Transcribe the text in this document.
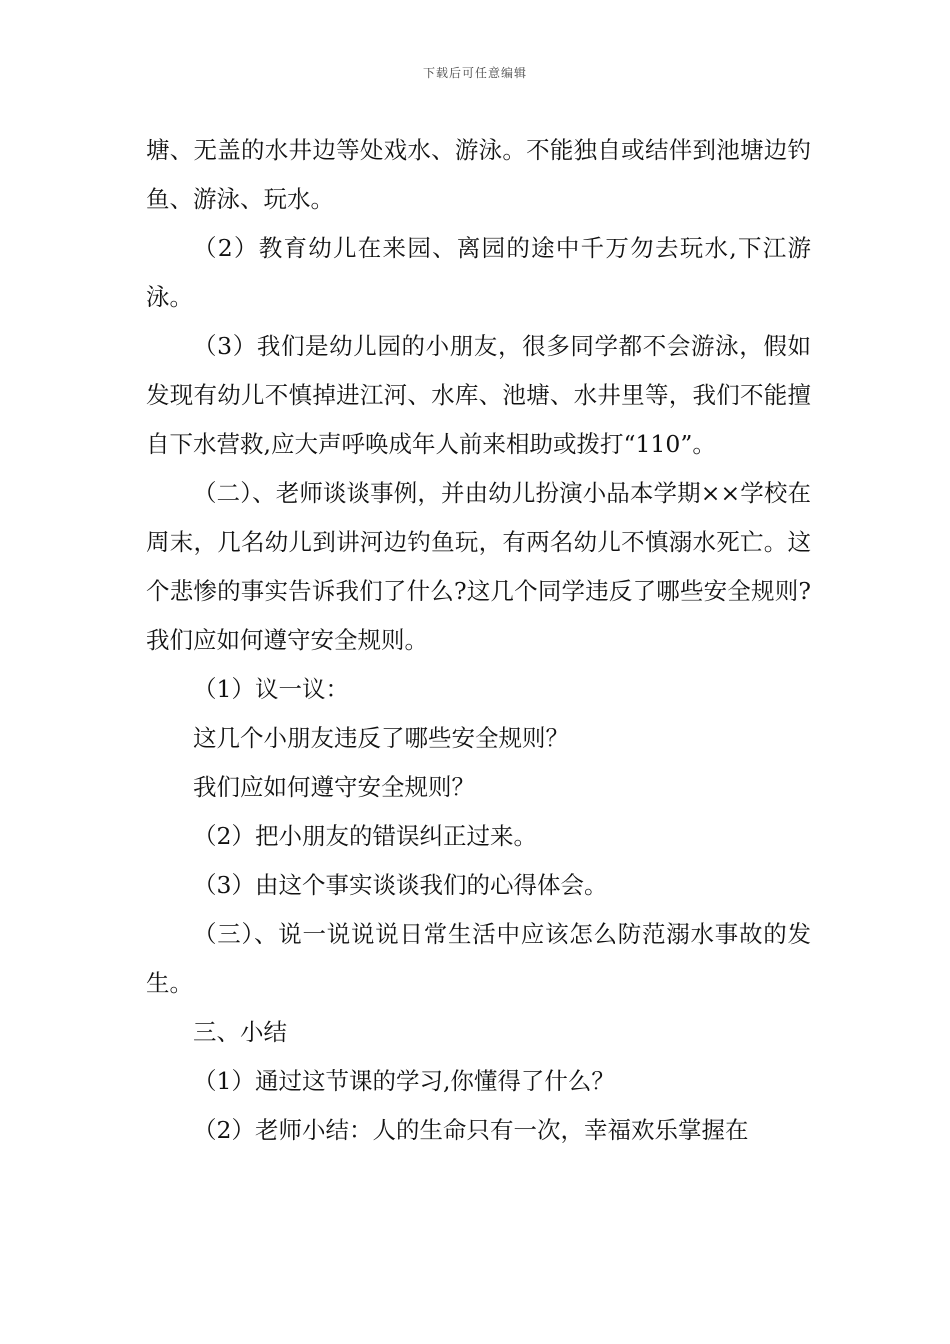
下载后可任意编辑

塘、无盖的水井边等处戏水、游泳。不能独自或结伴到池塘边钓鱼、游泳、玩水。

（2）教育幼儿在来园、离园的途中千万勿去玩水,下江游泳。

（3）我们是幼儿园的小朋友，很多同学都不会游泳，假如发现有幼儿不慎掉进江河、水库、池塘、水井里等，我们不能擅自下水营救,应大声呼唤成年人前来相助或拨打“110”。

（二）、老师谈谈事例，并由幼儿扮演小品本学期××学校在周末，几名幼儿到讲河边钓鱼玩，有两名幼儿不慎溺水死亡。这个悲惨的事实告诉我们了什么?这几个同学违反了哪些安全规则?我们应如何遵守安全规则。

（1）议一议：

这几个小朋友违反了哪些安全规则？

我们应如何遵守安全规则？

（2）把小朋友的错误纠正过来。

（3）由这个事实谈谈我们的心得体会。

（三）、说一说说说日常生活中应该怎么防范溺水事故的发生。

三、小结

（1）通过这节课的学习,你懂得了什么？

（2）老师小结：人的生命只有一次，幸福欢乐掌握在
